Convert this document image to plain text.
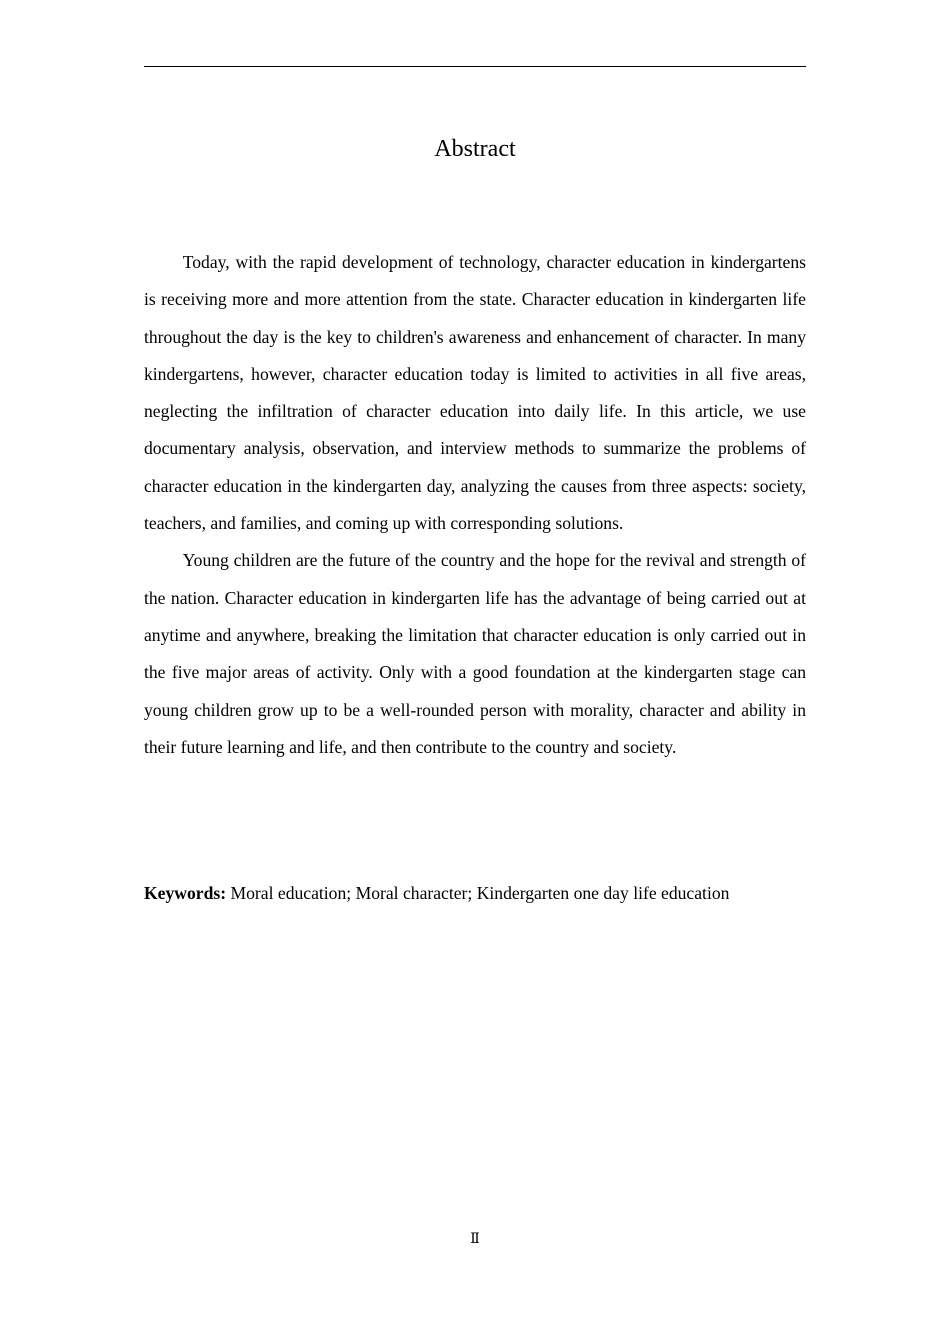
Abstract

Today, with the rapid development of technology, character education in kindergartens is receiving more and more attention from the state. Character education in kindergarten life throughout the day is the key to children's awareness and enhancement of character. In many kindergartens, however, character education today is limited to activities in all five areas, neglecting the infiltration of character education into daily life. In this article, we use documentary analysis, observation, and interview methods to summarize the problems of character education in the kindergarten day, analyzing the causes from three aspects: society, teachers, and families, and coming up with corresponding solutions.

Young children are the future of the country and the hope for the revival and strength of the nation. Character education in kindergarten life has the advantage of being carried out at anytime and anywhere, breaking the limitation that character education is only carried out in the five major areas of activity. Only with a good foundation at the kindergarten stage can young children grow up to be a well-rounded person with morality, character and ability in their future learning and life, and then contribute to the country and society.

Keywords: Moral education; Moral character; Kindergarten one day life education

Ⅱ
